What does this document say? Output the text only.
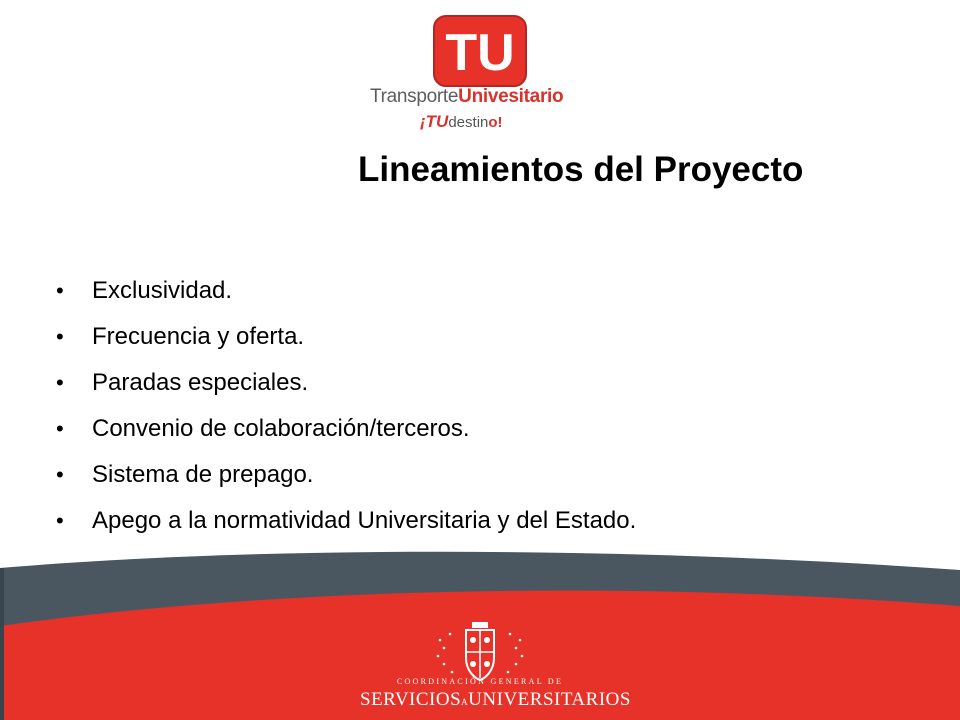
TU
TransporteUnivesitario
¡TUdestino!
Lineamientos del Proyecto
• Exclusividad.
• Frecuencia y oferta.
• Paradas especiales.
• Convenio de colaboración/terceros.
• Sistema de prepago.
• Apego a la normatividad Universitaria y del Estado.
COORDINACIÓN GENERAL DE
SERVICIOSAUNIVERSITARIOS
